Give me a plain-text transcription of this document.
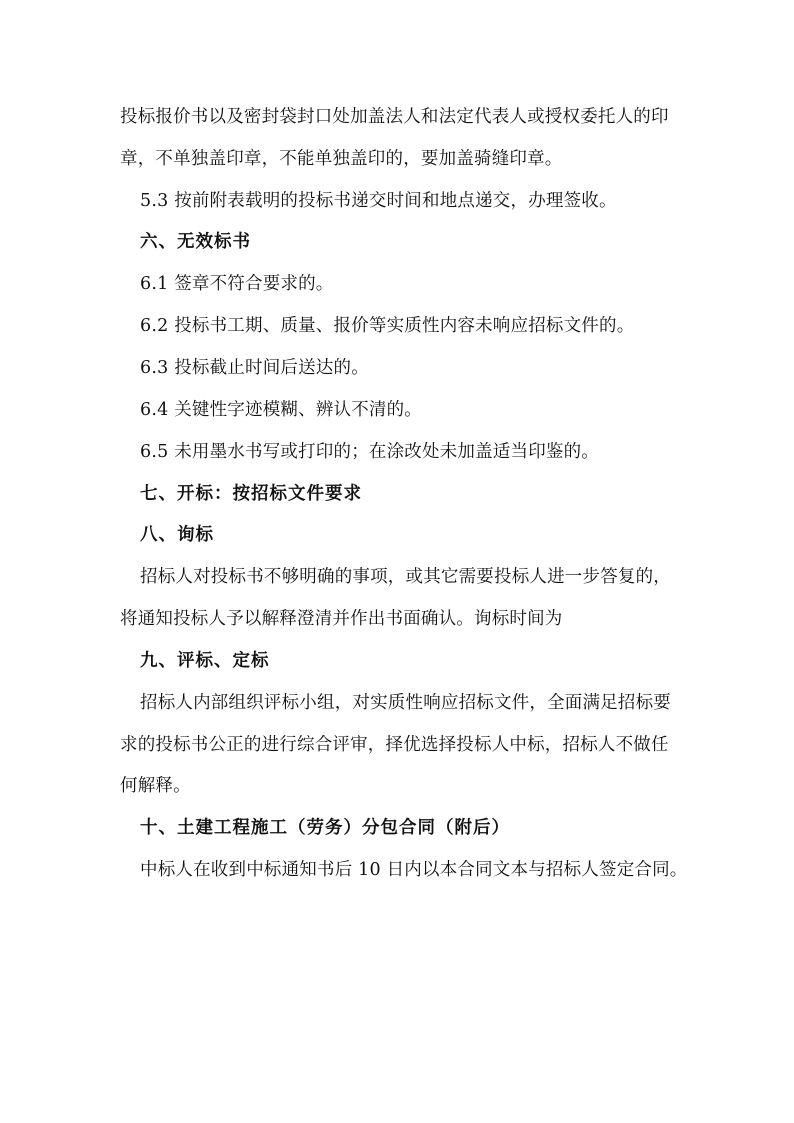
投标报价书以及密封袋封口处加盖法人和法定代表人或授权委托人的印
章，不单独盖印章，不能单独盖印的，要加盖骑缝印章。
5.3 按前附表载明的投标书递交时间和地点递交，办理签收。
六、无效标书
6.1 签章不符合要求的。
6.2 投标书工期、质量、报价等实质性内容未响应招标文件的。
6.3 投标截止时间后送达的。
6.4 关键性字迹模糊、辨认不清的。
6.5 未用墨水书写或打印的；在涂改处未加盖适当印鉴的。
七、开标：按招标文件要求
八、询标
招标人对投标书不够明确的事项，或其它需要投标人进一步答复的，
将通知投标人予以解释澄清并作出书面确认。询标时间为
九、评标、定标
招标人内部组织评标小组，对实质性响应招标文件，全面满足招标要
求的投标书公正的进行综合评审，择优选择投标人中标，招标人不做任
何解释。
十、土建工程施工（劳务）分包合同（附后）
中标人在收到中标通知书后 10 日内以本合同文本与招标人签定合同。
